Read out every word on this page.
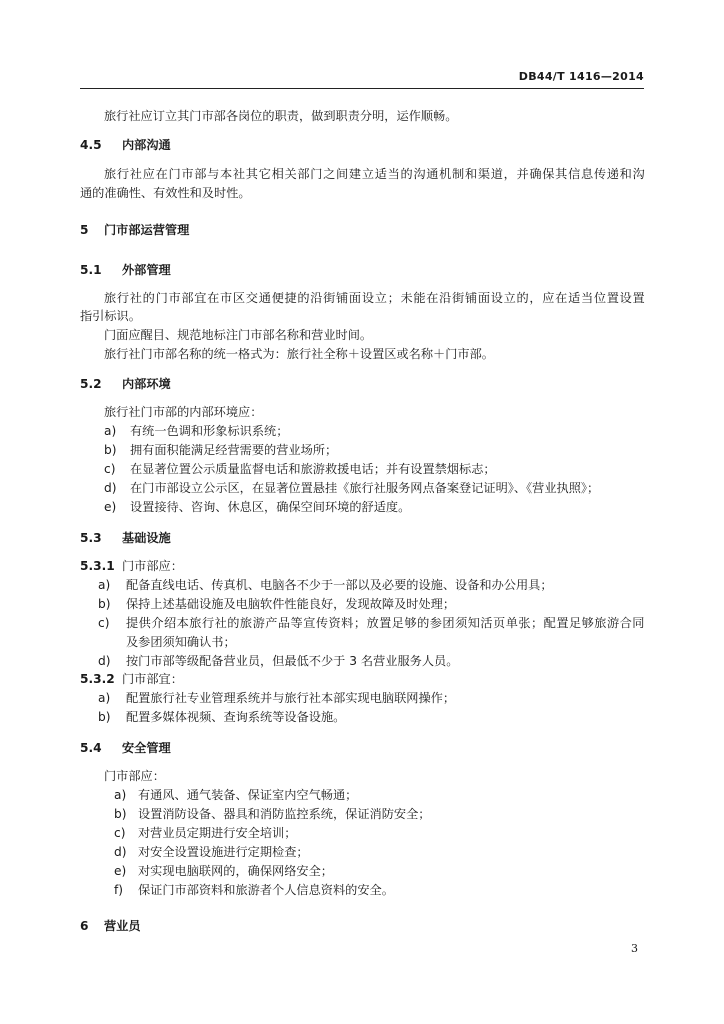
DB44/T 1416—2014
旅行社应订立其门市部各岗位的职责，做到职责分明，运作顺畅。
4.5 内部沟通
旅 行 社 应 在 门 市 部 与 本 社 其 它 相 关 部 门 之 间 建 立 适 当 的 沟 通 机 制 和 渠 道 ， 并 确 保 其 信 息 传 递 和 沟
通的准确性、有效性和及时性。
5 门市部运营管理
5.1 外部管理
旅 行 社 的 门 市 部 宜 在 市 区 交 通 便 捷 的 沿 街 铺 面 设 立 ； 未 能 在 沿 街 铺 面 设 立 的 ， 应 在 适 当 位 置 设 置
指引标识。
门面应醒目、规范地标注门市部名称和营业时间。
旅行社门市部名称的统一格式为：旅行社全称＋设置区或名称＋门市部。
5.2 内部环境
旅行社门市部的内部环境应：
a) 有统一色调和形象标识系统；
b) 拥有面积能满足经营需要的营业场所；
c) 在显著位置公示质量监督电话和旅游救援电话；并有设置禁烟标志；
d) 在门市部设立公示区，在显著位置悬挂《旅行社服务网点备案登记证明》、《营业执照》；
e) 设置接待、咨询、休息区，确保空间环境的舒适度。
5.3 基础设施
5.3.1 门市部应：
a) 配备直线电话、传真机、电脑各不少于一部以及必要的设施、设备和办公用具；
b) 保持上述基础设施及电脑软件性能良好，发现故障及时处理；
c) 提 供 介 绍 本 旅 行 社 的 旅 游 产 品 等 宣 传 资 料 ； 放 置 足 够 的 参 团 须 知 活 页 单 张 ； 配 置 足 够 旅 游 合 同
及参团须知确认书；
d) 按门市部等级配备营业员，但最低不少于 3 名营业服务人员。
5.3.2 门市部宜：
a) 配置旅行社专业管理系统并与旅行社本部实现电脑联网操作；
b) 配置多媒体视频、查询系统等设备设施。
5.4 安全管理
门市部应：
a) 有通风、通气装备、保证室内空气畅通；
b) 设置消防设备、器具和消防监控系统，保证消防安全；
c) 对营业员定期进行安全培训；
d) 对安全设置设施进行定期检查；
e) 对实现电脑联网的，确保网络安全；
f) 保证门市部资料和旅游者个人信息资料的安全。
6 营业员
3
